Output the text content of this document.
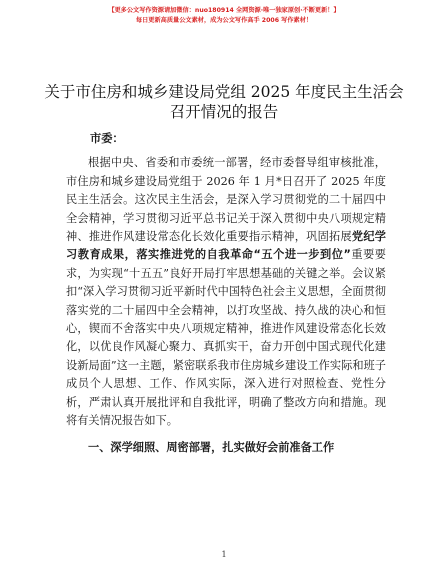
【更多公文写作资源请加微信：nuo180914 全网资源·唯一独家原创·不断更新！】
每日更新高质量公文素材，成为公文写作高手 2006 写作素材！
关于市住房和城乡建设局党组 2025 年度民主生活会召开情况的报告
市委：

根据中央、省委和市委统一部署，经市委督导组审核批准，市住房和城乡建设局党组于 2026 年 1 月*日召开了 2025 年度民主生活会。这次民主生活会，是深入学习贯彻党的二十届四中全会精神，学习贯彻习近平总书记关于深入贯彻中央八项规定精神、推进作风建设常态化长效化重要指示精神，巩固拓展党纪学习教育成果，落实推进党的自我革命“五个进一步到位”重要要求，为实现“十五五”良好开局打牢思想基础的关键之举。会议紧扣“深入学习贯彻习近平新时代中国特色社会主义思想，全面贯彻落实党的二十届四中全会精神，以打攻坚战、持久战的决心和恒心，锲而不舍落实中央八项规定精神，推进作风建设常态化长效化，以优良作风凝心聚力、真抓实干，奋力开创中国式现代化建设新局面”这一主题，紧密联系我市住房城乡建设工作实际和班子成员个人思想、工作、作风实际，深入进行对照检查、党性分析，严肃认真开展批评和自我批评，明确了整改方向和措施。现将有关情况报告如下。

一、深学细照、周密部署，扎实做好会前准备工作
1
